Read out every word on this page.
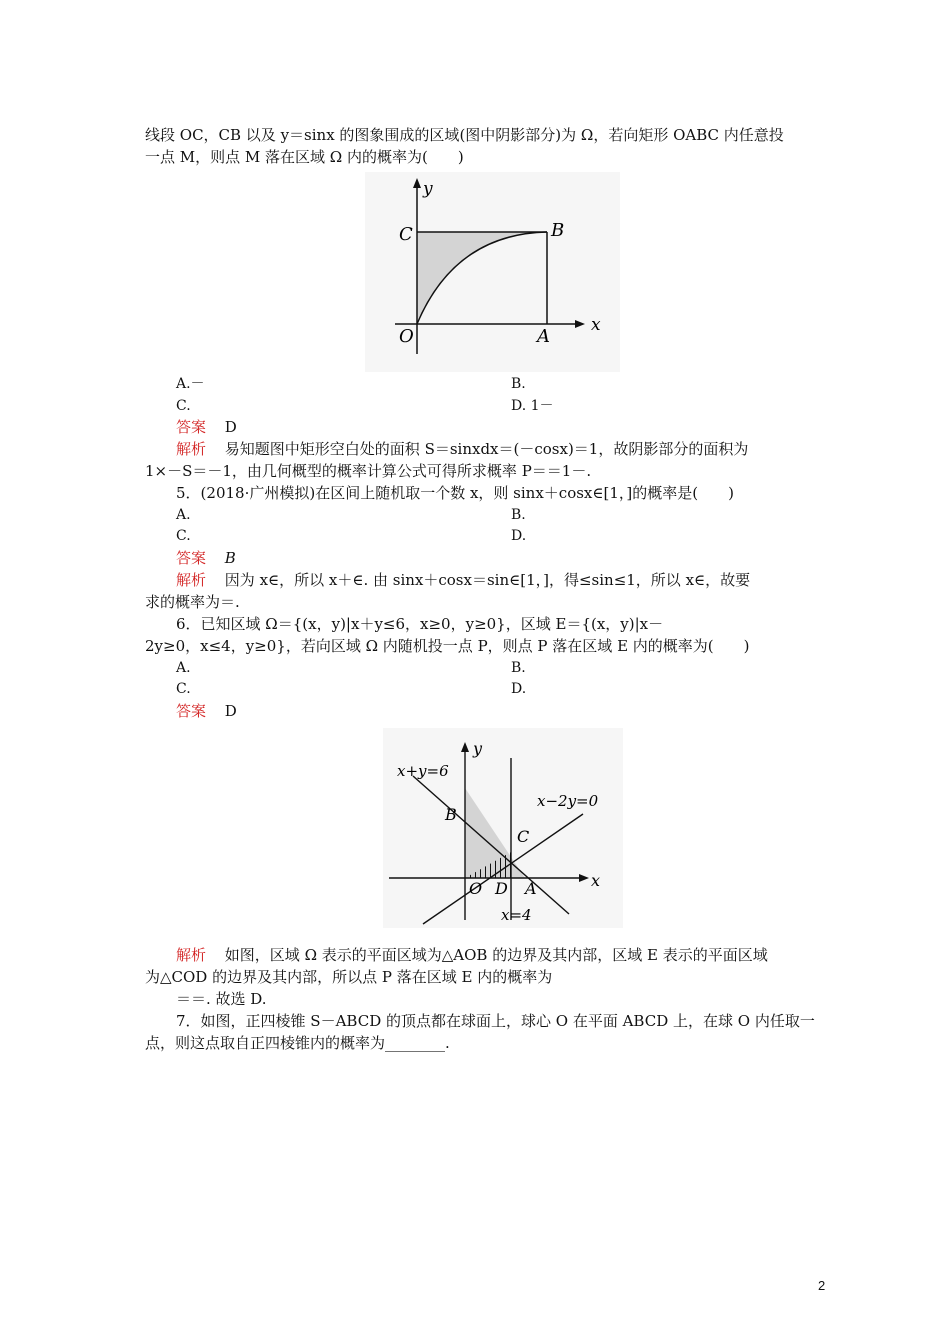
线段 OC，CB 以及 y＝sinx 的图象围成的区域(图中阴影部分)为 Ω，若向矩形 OABC 内任意投
一点 M，则点 M 落在区域 Ω 内的概率为(　　)
y
x
C	B
O	A
A.－	B.
C.	D. 1－
答案 D
解析 易知题图中矩形空白处的面积 S＝sinxdx＝(－cosx)＝1，故阴影部分的面积为
1×－S＝－1，由几何概型的概率计算公式可得所求概率 P＝＝1－.
5．(2018·广州模拟)在区间上随机取一个数 x，则 sinx＋cosx∈[1，]的概率是(　　)
A.	B.
C.	D.
答案 B
解析 因为 x∈，所以 x＋∈. 由 sinx＋cosx＝sin∈[1，]，得≤sin≤1，所以 x∈，故要
求的概率为＝.
6．已知区域 Ω＝{(x，y)|x＋y≤6，x≥0，y≥0}，区域 E＝{(x，y)|x－
2y≥0，x≤4，y≥0}，若向区域 Ω 内随机投一点 P，则点 P 落在区域 E 内的概率为(　　)
A.	B.
C.	D.
答案 D
y
x
x+y=6
x−2y=0
x=4
B
C
O D A
解析 如图，区域 Ω 表示的平面区域为△AOB 的边界及其内部，区域 E 表示的平面区域
为△COD 的边界及其内部，所以点 P 落在区域 E 内的概率为
＝＝. 故选 D.
7．如图，正四棱锥 S－ABCD 的顶点都在球面上，球心 O 在平面 ABCD 上，在球 O 内任取一
点，则这点取自正四棱锥内的概率为________.
2
